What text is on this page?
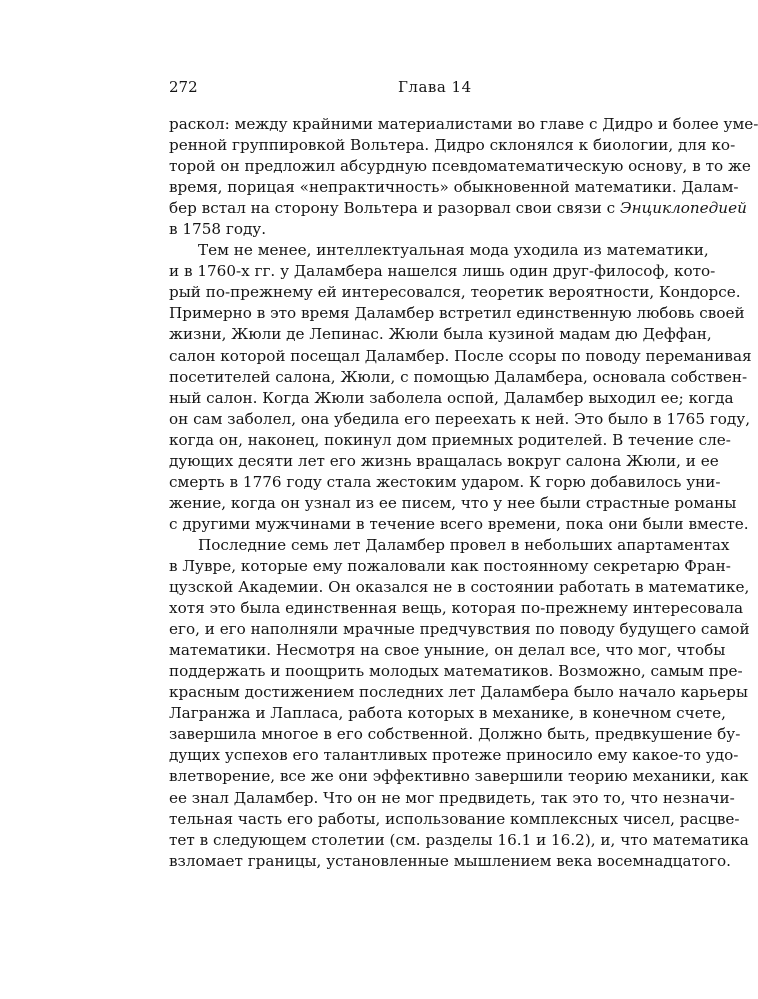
272	Глава 14
раскол: между крайними материалистами во главе с Дидро и более уме-
ренной группировкой Вольтера. Дидро склонялся к биологии, для ко-
торой он предложил абсурдную псевдоматематическую основу, в то же
время, порицая «непрактичность» обыкновенной математики. Далам-
бер встал на сторону Вольтера и разорвал свои связи с Энциклопедией
в 1758 году.
Тем не менее, интеллектуальная мода уходила из математики,
и в 1760-х гг. у Даламбера нашелся лишь один друг-философ, кото-
рый по-прежнему ей интересовался, теоретик вероятности, Кондорсе.
Примерно в это время Даламбер встретил единственную любовь своей
жизни, Жюли де Лепинас. Жюли была кузиной мадам дю Деффан,
салон которой посещал Даламбер. После ссоры по поводу переманивая
посетителей салона, Жюли, с помощью Даламбера, основала собствен-
ный салон. Когда Жюли заболела оспой, Даламбер выходил ее; когда
он сам заболел, она убедила его переехать к ней. Это было в 1765 году,
когда он, наконец, покинул дом приемных родителей. В течение сле-
дующих десяти лет его жизнь вращалась вокруг салона Жюли, и ее
смерть в 1776 году стала жестоким ударом. К горю добавилось уни-
жение, когда он узнал из ее писем, что у нее были страстные романы
с другими мужчинами в течение всего времени, пока они были вместе.
Последние семь лет Даламбер провел в небольших апартаментах
в Лувре, которые ему пожаловали как постоянному секретарю Фран-
цузской Академии. Он оказался не в состоянии работать в математике,
хотя это была единственная вещь, которая по-прежнему интересовала
его, и его наполняли мрачные предчувствия по поводу будущего самой
математики. Несмотря на свое уныние, он делал все, что мог, чтобы
поддержать и поощрить молодых математиков. Возможно, самым пре-
красным достижением последних лет Даламбера было начало карьеры
Лагранжа и Лапласа, работа которых в механике, в конечном счете,
завершила многое в его собственной. Должно быть, предвкушение бу-
дущих успехов его талантливых протеже приносило ему какое-то удо-
влетворение, все же они эффективно завершили теорию механики, как
ее знал Даламбер. Что он не мог предвидеть, так это то, что незначи-
тельная часть его работы, использование комплексных чисел, расцве-
тет в следующем столетии (см. разделы 16.1 и 16.2), и, что математика
взломает границы, установленные мышлением века восемнадцатого.
